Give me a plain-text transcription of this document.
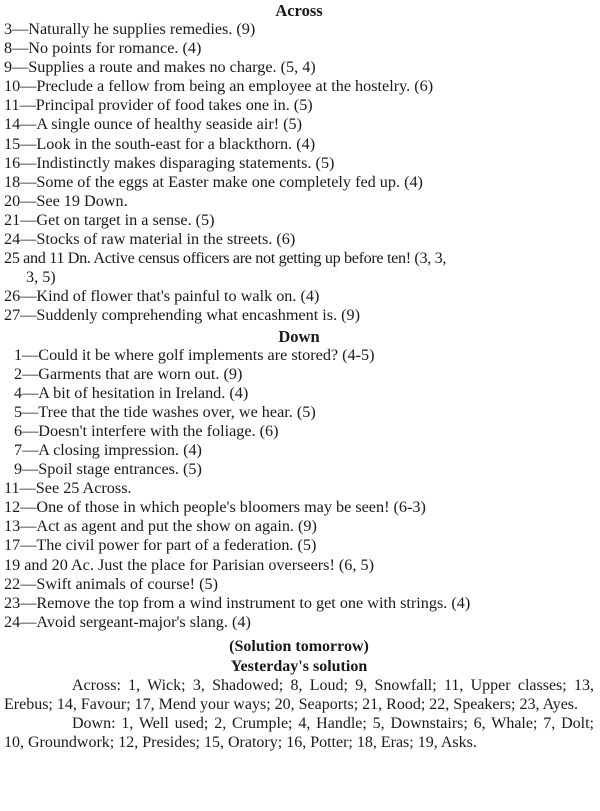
Across
3—Naturally he supplies remedies. (9)
8—No points for romance. (4)
9—Supplies a route and makes no charge. (5, 4)
10—Preclude a fellow from being an employee at the hostelry. (6)
11—Principal provider of food takes one in. (5)
14—A single ounce of healthy seaside air! (5)
15—Look in the south-east for a blackthorn. (4)
16—Indistinctly makes disparaging statements. (5)
18—Some of the eggs at Easter make one completely fed up. (4)
20—See 19 Down.
21—Get on target in a sense. (5)
24—Stocks of raw material in the streets. (6)
25 and 11 Dn. Active census officers are not getting up before ten! (3, 3,
3, 5)
26—Kind of flower that's painful to walk on. (4)
27—Suddenly comprehending what encashment is. (9)
Down
1—Could it be where golf implements are stored? (4-5)
2—Garments that are worn out. (9)
4—A bit of hesitation in Ireland. (4)
5—Tree that the tide washes over, we hear. (5)
6—Doesn't interfere with the foliage. (6)
7—A closing impression. (4)
9—Spoil stage entrances. (5)
11—See 25 Across.
12—One of those in which people's bloomers may be seen! (6-3)
13—Act as agent and put the show on again. (9)
17—The civil power for part of a federation. (5)
19 and 20 Ac. Just the place for Parisian overseers! (6, 5)
22—Swift animals of course! (5)
23—Remove the top from a wind instrument to get one with strings. (4)
24—Avoid sergeant-major's slang. (4)
(Solution tomorrow)
Yesterday's solution
Across: 1, Wick; 3, Shadowed; 8, Loud; 9, Snowfall; 11, Upper classes; 13, Erebus; 14, Favour; 17, Mend your ways; 20, Seaports; 21, Rood; 22, Speakers; 23, Ayes.
Down: 1, Well used; 2, Crumple; 4, Handle; 5, Downstairs; 6, Whale; 7, Dolt; 10, Groundwork; 12, Presides; 15, Oratory; 16, Potter; 18, Eras; 19, Asks.
